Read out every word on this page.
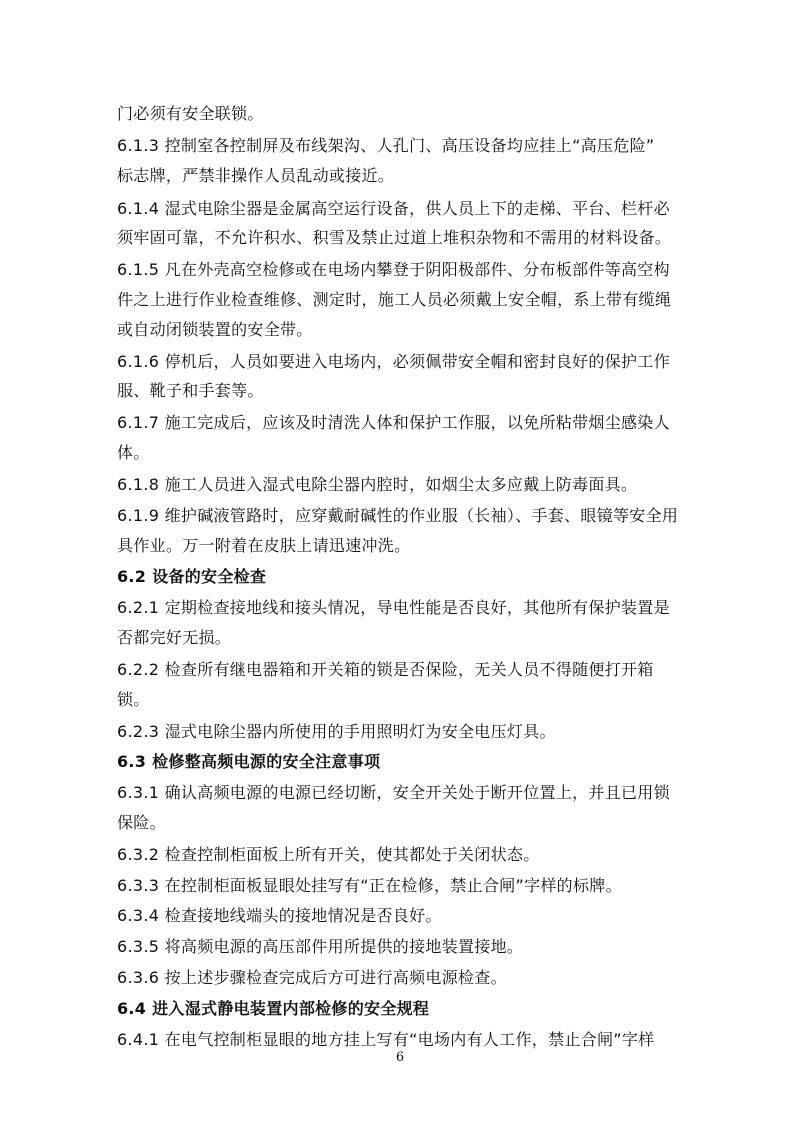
门必须有安全联锁。
6.1.3 控制室各控制屏及布线架沟、人孔门、高压设备均应挂上“高压危险”
标志牌，严禁非操作人员乱动或接近。
6.1.4 湿式电除尘器是金属高空运行设备，供人员上下的走梯、平台、栏杆必
须牢固可靠，不允许积水、积雪及禁止过道上堆积杂物和不需用的材料设备。
6.1.5 凡在外壳高空检修或在电场内攀登于阴阳极部件、分布板部件等高空构
件之上进行作业检查维修、测定时，施工人员必须戴上安全帽，系上带有缆绳
或自动闭锁装置的安全带。
6.1.6 停机后，人员如要进入电场内，必须佩带安全帽和密封良好的保护工作
服、靴子和手套等。
6.1.7 施工完成后，应该及时清洗人体和保护工作服，以免所粘带烟尘感染人
体。
6.1.8 施工人员进入湿式电除尘器内腔时，如烟尘太多应戴上防毒面具。
6.1.9 维护碱液管路时，应穿戴耐碱性的作业服（长袖）、手套、眼镜等安全用
具作业。万一附着在皮肤上请迅速冲洗。
6.2 设备的安全检查
6.2.1 定期检查接地线和接头情况，导电性能是否良好，其他所有保护装置是
否都完好无损。
6.2.2 检查所有继电器箱和开关箱的锁是否保险，无关人员不得随便打开箱
锁。
6.2.3 湿式电除尘器内所使用的手用照明灯为安全电压灯具。
6.3 检修整高频电源的安全注意事项
6.3.1 确认高频电源的电源已经切断，安全开关处于断开位置上，并且已用锁
保险。
6.3.2 检查控制柜面板上所有开关，使其都处于关闭状态。
6.3.3 在控制柜面板显眼处挂写有“正在检修，禁止合闸”字样的标牌。
6.3.4 检查接地线端头的接地情况是否良好。
6.3.5 将高频电源的高压部件用所提供的接地装置接地。
6.3.6 按上述步骤检查完成后方可进行高频电源检查。
6.4 进入湿式静电装置内部检修的安全规程
6.4.1 在电气控制柜显眼的地方挂上写有“电场内有人工作，禁止合闸”字样
6
